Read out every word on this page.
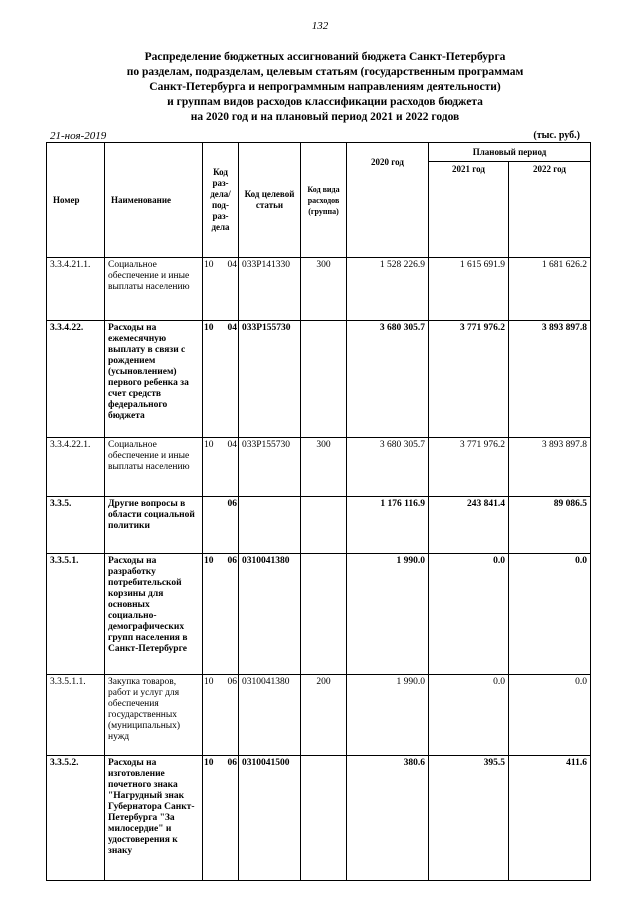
132
Распределение бюджетных ассигнований бюджета Санкт-Петербурга
по разделам, подразделам, целевым статьям (государственным программам
Санкт-Петербурга и непрограммным направлениям деятельности)
и группам видов расходов классификации расходов бюджета
на 2020 год и на плановый период 2021 и 2022 годов
21-ноя-2019	(тыс. руб.)
Номер	Наименование	Код раз-дела/ под-раз-дела	Код целевой статьи	Код вида расходов (группа)	2020 год	Плановый период	
						2021 год	2022 год
3.3.4.21.1.	Социальное обеспечение и иные выплаты населению	10 04	033P141330	300	1 528 226.9	1 615 691.9	1 681 626.2
3.3.4.22.	Расходы на ежемесячную выплату в связи с рождением (усыновлением) первого ребенка за счет средств федерального бюджета	10 04	033P155730		3 680 305.7	3 771 976.2	3 893 897.8
3.3.4.22.1.	Социальное обеспечение и иные выплаты населению	10 04	033P155730	300	3 680 305.7	3 771 976.2	3 893 897.8
3.3.5.	Другие вопросы в области социальной политики	06			1 176 116.9	243 841.4	89 086.5
3.3.5.1.	Расходы на разработку потребительской корзины для основных социально-демографических групп населения в Санкт-Петербурге	10 06	0310041380		1 990.0	0.0	0.0
3.3.5.1.1.	Закупка товаров, работ и услуг для обеспечения государственных (муниципальных) нужд	10 06	0310041380	200	1 990.0	0.0	0.0
3.3.5.2.	Расходы на изготовление почетного знака "Нагрудный знак Губернатора Санкт-Петербурга "За милосердие" и удостоверения к знаку	10 06	0310041500		380.6	395.5	411.6
